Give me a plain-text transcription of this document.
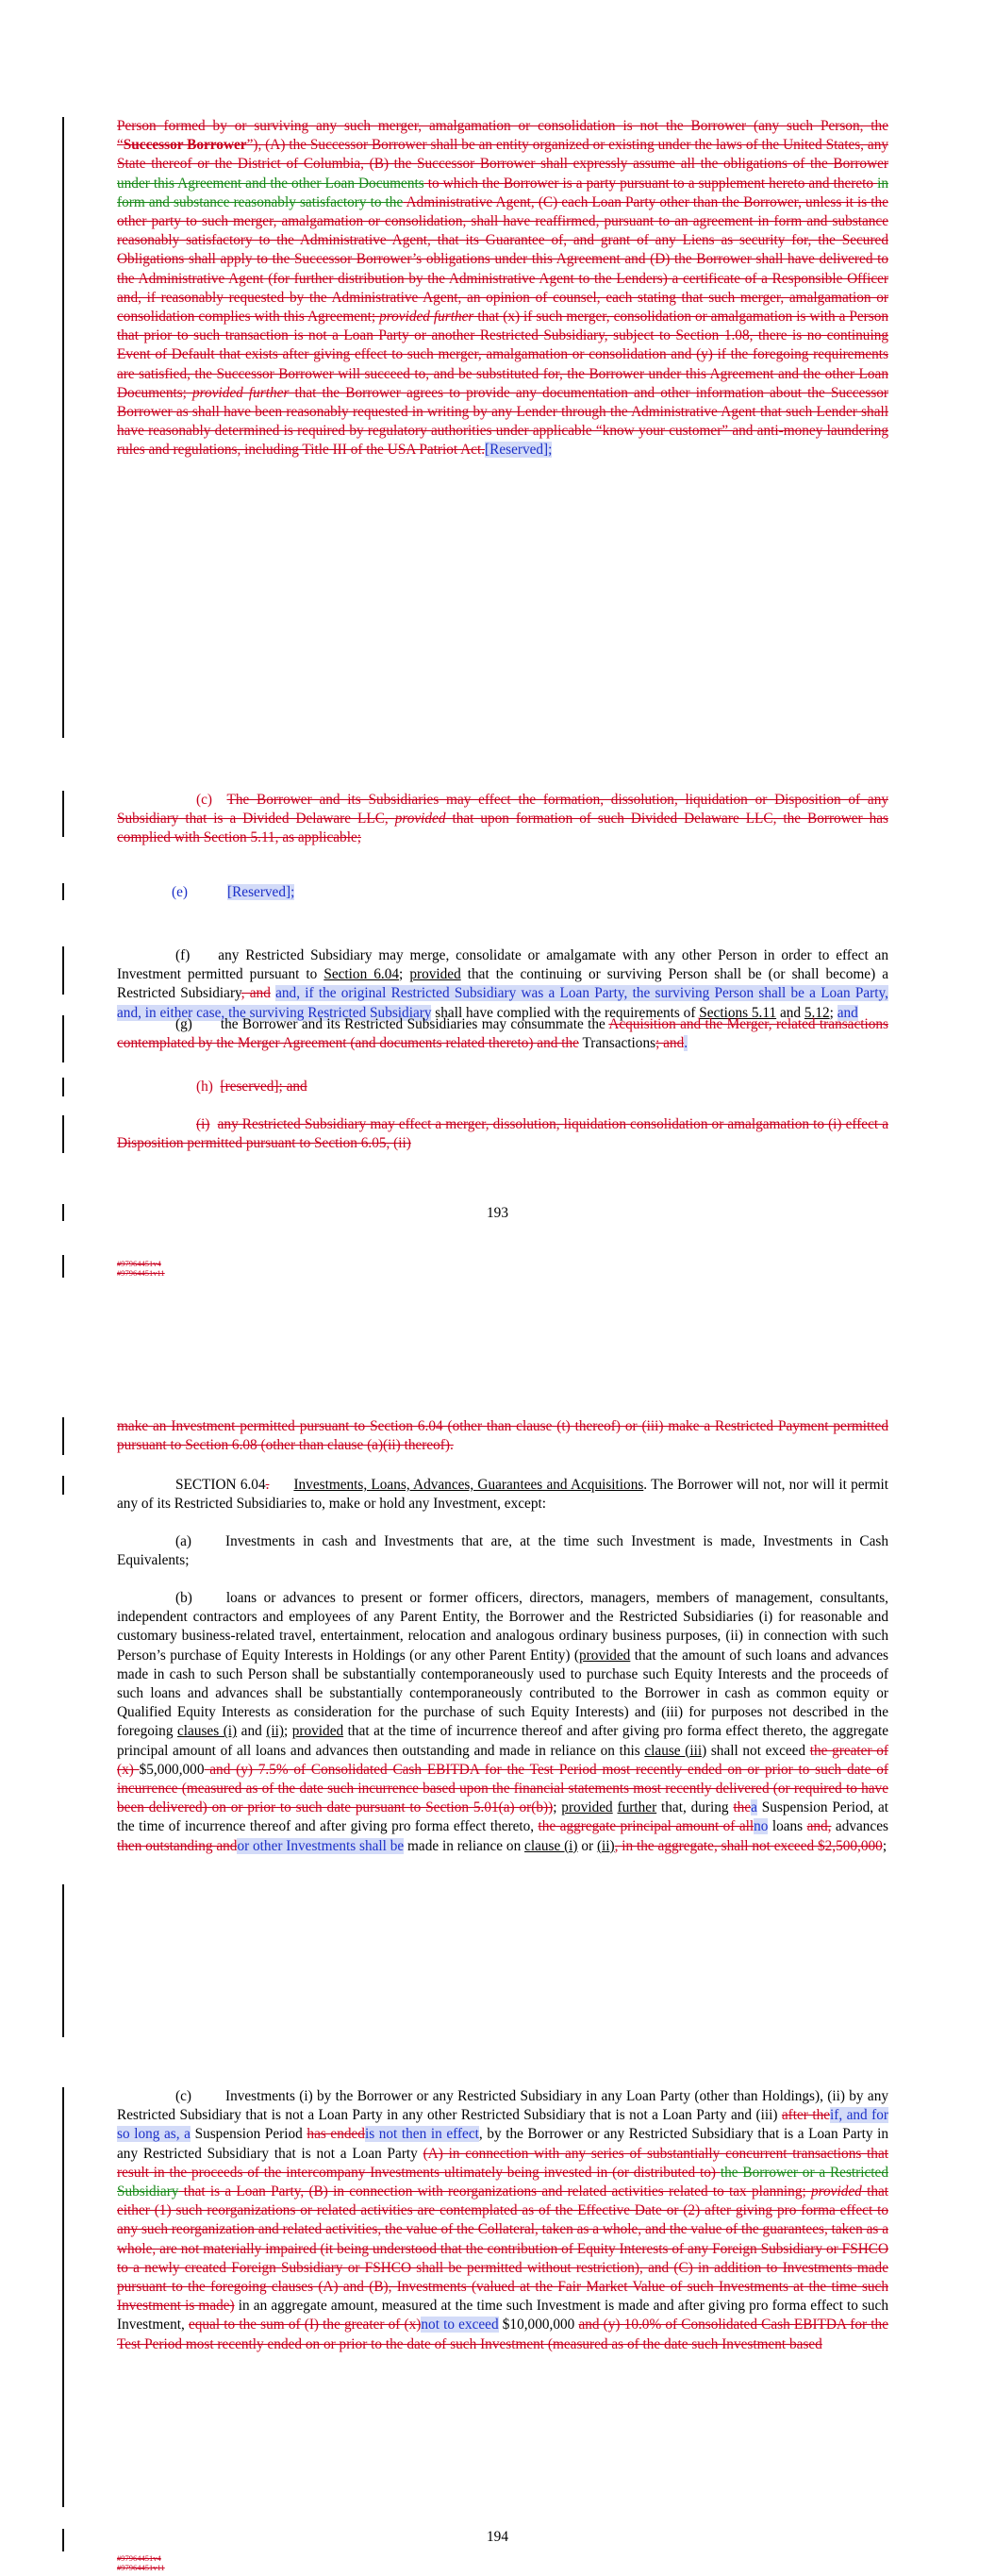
Person formed by or surviving any such merger, amalgamation or consolidation is not the Borrower (any such Person, the “Successor Borrower”), (A) the Successor Borrower shall be an entity organized or existing under the laws of the United States, any State thereof or the District of Columbia, (B) the Successor Borrower shall expressly assume all the obligations of the Borrower under this Agreement and the other Loan Documents to which the Borrower is a party pursuant to a supplement hereto and thereto in form and substance reasonably satisfactory to the Administrative Agent, (C) each Loan Party other than the Borrower, unless it is the other party to such merger, amalgamation or consolidation, shall have reaffirmed, pursuant to an agreement in form and substance reasonably satisfactory to the Administrative Agent, that its Guarantee of, and grant of any Liens as security for, the Secured Obligations shall apply to the Successor Borrower’s obligations under this Agreement and (D) the Borrower shall have delivered to the Administrative Agent (for further distribution by the Administrative Agent to the Lenders) a certificate of a Responsible Officer and, if reasonably requested by the Administrative Agent, an opinion of counsel, each stating that such merger, amalgamation or consolidation complies with this Agreement; provided further that (x) if such merger, consolidation or amalgamation is with a Person that prior to such transaction is not a Loan Party or another Restricted Subsidiary, subject to Section 1.08, there is no continuing Event of Default that exists after giving effect to such merger, amalgamation or consolidation and (y) if the foregoing requirements are satisfied, the Successor Borrower will succeed to, and be substituted for, the Borrower under this Agreement and the other Loan Documents; provided further that the Borrower agrees to provide any documentation and other information about the Successor Borrower as shall have been reasonably requested in writing by any Lender through the Administrative Agent that such Lender shall have reasonably determined is required by regulatory authorities under applicable “know your customer” and anti-money laundering rules and regulations, including Title III of the USA Patriot Act.[Reserved];

(c) The Borrower and its Subsidiaries may effect the formation, dissolution, liquidation or Disposition of any Subsidiary that is a Divided Delaware LLC, provided that upon formation of such Divided Delaware LLC, the Borrower has complied with Section 5.11, as applicable;

(e)	[Reserved];

(f) any Restricted Subsidiary may merge, consolidate or amalgamate with any other Person in order to effect an Investment permitted pursuant to Section 6.04; provided that the continuing or surviving Person shall be (or shall become) a Restricted Subsidiary, and and, if the original Restricted Subsidiary was a Loan Party, the surviving Person shall be a Loan Party, and, in either case, the surviving Restricted Subsidiary shall have complied with the requirements of Sections 5.11 and 5.12; and

(g) the Borrower and its Restricted Subsidiaries may consummate the Acquisition and the Merger, related transactions contemplated by the Merger Agreement (and documents related thereto) and the Transactions; and.

(h) [reserved]; and

(i) any Restricted Subsidiary may effect a merger, dissolution, liquidation consolidation or amalgamation to (i) effect a Disposition permitted pursuant to Section 6.05, (ii)

193
#97964451v4
#97964451v11

make an Investment permitted pursuant to Section 6.04 (other than clause (t) thereof) or (iii) make a Restricted Payment permitted pursuant to Section 6.08 (other than clause (a)(ii) thereof).

SECTION 6.04. Investments, Loans, Advances, Guarantees and Acquisitions. The Borrower will not, nor will it permit any of its Restricted Subsidiaries to, make or hold any Investment, except:

(a) Investments in cash and Investments that are, at the time such Investment is made, Investments in Cash Equivalents;

(b) loans or advances to present or former officers, directors, managers, members of management, consultants, independent contractors and employees of any Parent Entity, the Borrower and the Restricted Subsidiaries (i) for reasonable and customary business-related travel, entertainment, relocation and analogous ordinary business purposes, (ii) in connection with such Person’s purchase of Equity Interests in Holdings (or any other Parent Entity) (provided that the amount of such loans and advances made in cash to such Person shall be substantially contemporaneously used to purchase such Equity Interests and the proceeds of such loans and advances shall be substantially contemporaneously contributed to the Borrower in cash as common equity or Qualified Equity Interests as consideration for the purchase of such Equity Interests) and (iii) for purposes not described in the foregoing clauses (i) and (ii); provided that at the time of incurrence thereof and after giving pro forma effect thereto, the aggregate principal amount of all loans and advances then outstanding and made in reliance on this clause (iii) shall not exceed the greater of (x) $5,000,000 and (y) 7.5% of Consolidated Cash EBITDA for the Test Period most recently ended on or prior to such date of incurrence (measured as of the date such incurrence based upon the financial statements most recently delivered (or required to have been delivered) on or prior to such date pursuant to Section 5.01(a) or(b)); provided further that, during thea Suspension Period, at the time of incurrence thereof and after giving pro forma effect thereto, the aggregate principal amount of allno loans and, advances then outstanding andor other Investments shall be made in reliance on clause (i) or (ii), in the aggregate, shall not exceed $2,500,000;

(c) Investments (i) by the Borrower or any Restricted Subsidiary in any Loan Party (other than Holdings), (ii) by any Restricted Subsidiary that is not a Loan Party in any other Restricted Subsidiary that is not a Loan Party and (iii) after theif, and for so long as, a Suspension Period has endedis not then in effect, by the Borrower or any Restricted Subsidiary that is a Loan Party in any Restricted Subsidiary that is not a Loan Party (A) in connection with any series of substantially concurrent transactions that result in the proceeds of the intercompany Investments ultimately being invested in (or distributed to) the Borrower or a Restricted Subsidiary that is a Loan Party, (B) in connection with reorganizations and related activities related to tax planning; provided that either (1) such reorganizations or related activities are contemplated as of the Effective Date or (2) after giving pro forma effect to any such reorganization and related activities, the value of the Collateral, taken as a whole, and the value of the guarantees, taken as a whole, are not materially impaired (it being understood that the contribution of Equity Interests of any Foreign Subsidiary or FSHCO to a newly created Foreign Subsidiary or FSHCO shall be permitted without restriction), and (C) in addition to Investments made pursuant to the foregoing clauses (A) and (B), Investments (valued at the Fair Market Value of such Investments at the time such Investment is made) in an aggregate amount, measured at the time such Investment is made and after giving pro forma effect to such Investment, equal to the sum of (I) the greater of (x)not to exceed $10,000,000 and (y) 10.0% of Consolidated Cash EBITDA for the Test Period most recently ended on or prior to the date of such Investment (measured as of the date such Investment based

194
#97964451v4
#97964451v11
